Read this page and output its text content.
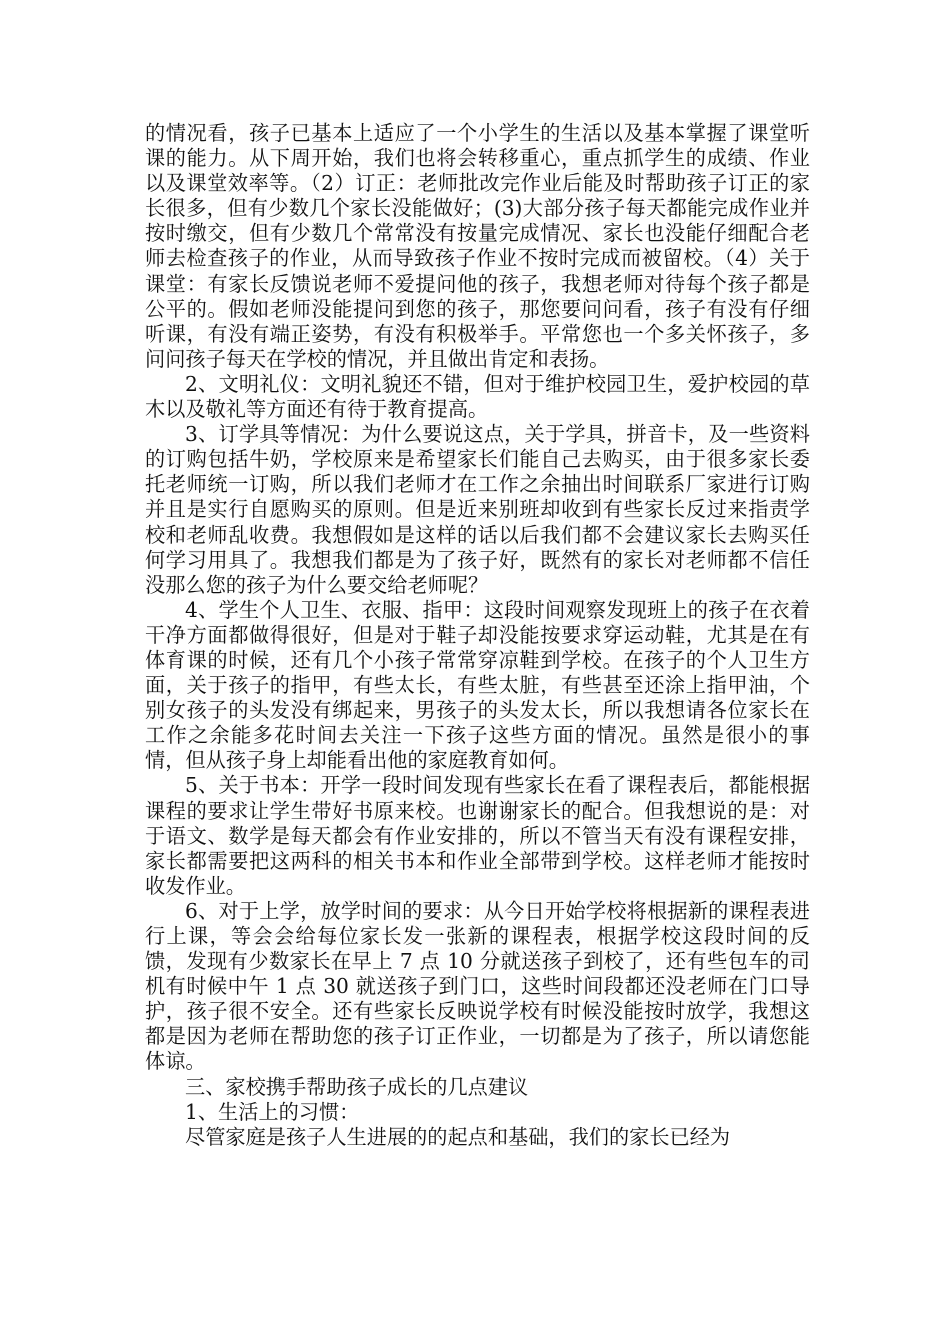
的情况看，孩子已基本上适应了一个小学生的生活以及基本掌握了课堂听课的能力。从下周开始，我们也将会转移重心，重点抓学生的成绩、作业以及课堂效率等。（2）订正：老师批改完作业后能及时帮助孩子订正的家长很多，但有少数几个家长没能做好；(3)大部分孩子每天都能完成作业并按时缴交，但有少数几个常常没有按量完成情况、家长也没能仔细配合老师去检查孩子的作业，从而导致孩子作业不按时完成而被留校。（4）关于课堂：有家长反馈说老师不爱提问他的孩子，我想老师对待每个孩子都是公平的。假如老师没能提问到您的孩子，那您要问问看，孩子有没有仔细听课，有没有端正姿势，有没有积极举手。平常您也一个多关怀孩子，多问问孩子每天在学校的情况，并且做出肯定和表扬。

2、文明礼仪：文明礼貌还不错，但对于维护校园卫生，爱护校园的草木以及敬礼等方面还有待于教育提高。

3、订学具等情况：为什么要说这点，关于学具，拼音卡，及一些资料的订购包括牛奶，学校原来是希望家长们能自己去购买，由于很多家长委托老师统一订购，所以我们老师才在工作之余抽出时间联系厂家进行订购并且是实行自愿购买的原则。但是近来别班却收到有些家长反过来指责学校和老师乱收费。我想假如是这样的话以后我们都不会建议家长去购买任何学习用具了。我想我们都是为了孩子好，既然有的家长对老师都不信任没那么您的孩子为什么要交给老师呢？

4、学生个人卫生、衣服、指甲：这段时间观察发现班上的孩子在衣着干净方面都做得很好，但是对于鞋子却没能按要求穿运动鞋，尤其是在有体育课的时候，还有几个小孩子常常穿凉鞋到学校。在孩子的个人卫生方面，关于孩子的指甲，有些太长，有些太脏，有些甚至还涂上指甲油，个别女孩子的头发没有绑起来，男孩子的头发太长，所以我想请各位家长在工作之余能多花时间去关注一下孩子这些方面的情况。虽然是很小的事情，但从孩子身上却能看出他的家庭教育如何。

5、关于书本：开学一段时间发现有些家长在看了课程表后，都能根据课程的要求让学生带好书原来校。也谢谢家长的配合。但我想说的是：对于语文、数学是每天都会有作业安排的，所以不管当天有没有课程安排，家长都需要把这两科的相关书本和作业全部带到学校。这样老师才能按时收发作业。

6、对于上学，放学时间的要求：从今日开始学校将根据新的课程表进行上课，等会会给每位家长发一张新的课程表，根据学校这段时间的反馈，发现有少数家长在早上 7 点 10 分就送孩子到校了，还有些包车的司机有时候中午 1 点 30 就送孩子到门口，这些时间段都还没老师在门口导护，孩子很不安全。还有些家长反映说学校有时候没能按时放学，我想这都是因为老师在帮助您的孩子订正作业，一切都是为了孩子，所以请您能体谅。

三、家校携手帮助孩子成长的几点建议

1、生活上的习惯：

尽管家庭是孩子人生进展的的起点和基础，我们的家长已经为
